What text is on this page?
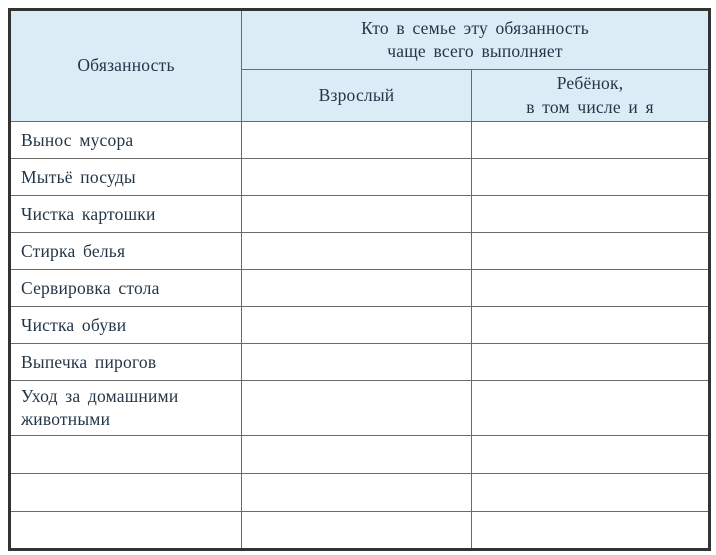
Обязанность	Кто в семье эту обязанность
чаще всего выполняет	

	Взрослый	Ребёнок,
в том числе и я

Вынос мусора		
Мытьё посуды		
Чистка картошки		
Стирка белья		
Сервировка стола		
Чистка обуви		
Выпечка пирогов		
Уход за домашними животными		
